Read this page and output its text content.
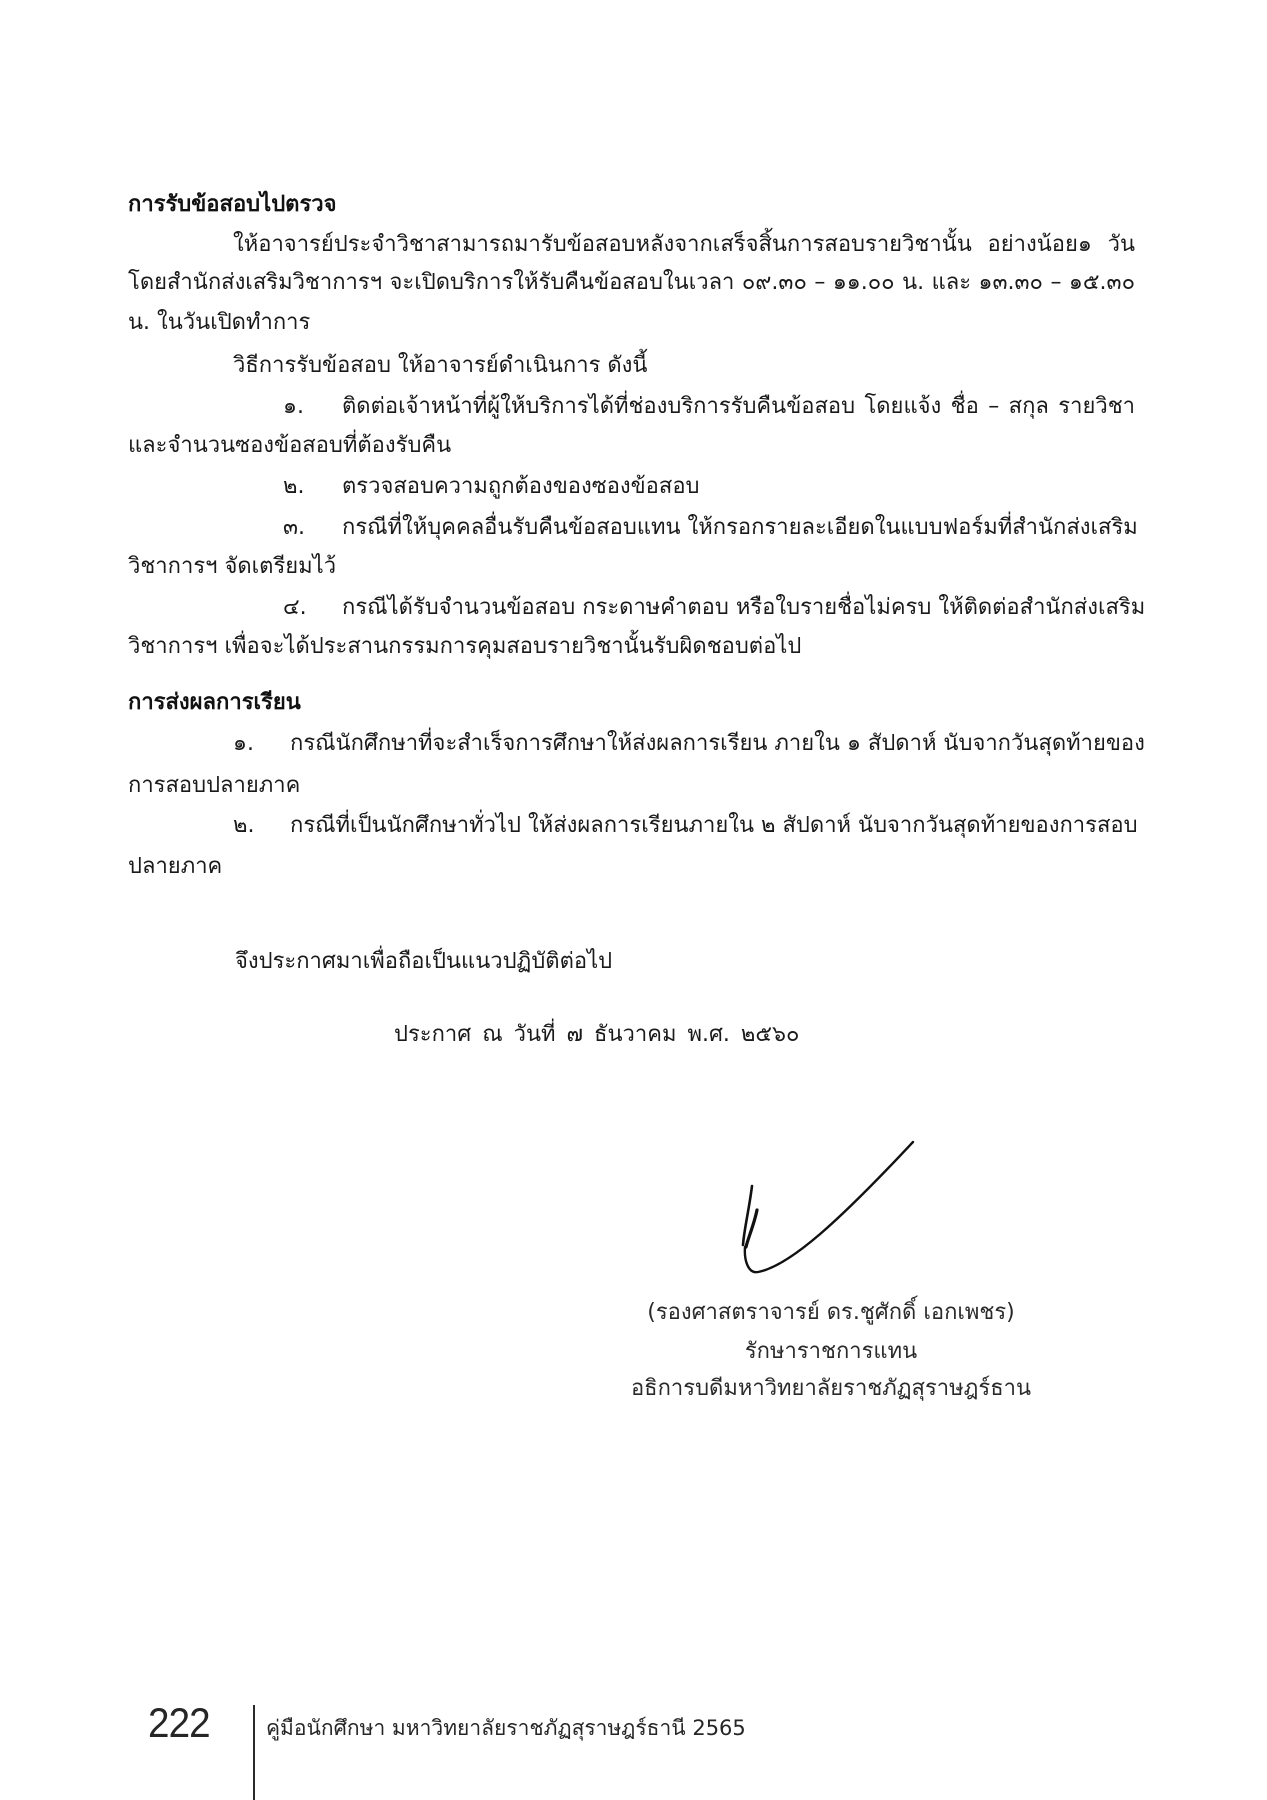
การรับข้อสอบไปตรวจ
ให้อาจารย์ประจำวิชาสามารถมารับข้อสอบหลังจากเสร็จสิ้นการสอบรายวิชานั้น อย่างน้อย๑ วัน
โดยสำนักส่งเสริมวิชาการฯ จะเปิดบริการให้รับคืนข้อสอบในเวลา ๐๙.๓๐ – ๑๑.๐๐ น. และ ๑๓.๓๐ – ๑๕.๓๐
น. ในวันเปิดทำการ
วิธีการรับข้อสอบ ให้อาจารย์ดำเนินการ ดังนี้
๑. ติดต่อเจ้าหน้าที่ผู้ให้บริการได้ที่ช่องบริการรับคืนข้อสอบ โดยแจ้ง ชื่อ – สกุล รายวิชา
และจำนวนซองข้อสอบที่ต้องรับคืน
๒. ตรวจสอบความถูกต้องของซองข้อสอบ
๓. กรณีที่ให้บุคคลอื่นรับคืนข้อสอบแทน ให้กรอกรายละเอียดในแบบฟอร์มที่สำนักส่งเสริม
วิชาการฯ จัดเตรียมไว้
๔. กรณีได้รับจำนวนข้อสอบ กระดาษคำตอบ หรือใบรายชื่อไม่ครบ ให้ติดต่อสำนักส่งเสริม
วิชาการฯ เพื่อจะได้ประสานกรรมการคุมสอบรายวิชานั้นรับผิดชอบต่อไป
การส่งผลการเรียน
๑. กรณีนักศึกษาที่จะสำเร็จการศึกษาให้ส่งผลการเรียน ภายใน ๑ สัปดาห์ นับจากวันสุดท้ายของ
การสอบปลายภาค
๒. กรณีที่เป็นนักศึกษาทั่วไป ให้ส่งผลการเรียนภายใน ๒ สัปดาห์ นับจากวันสุดท้ายของการสอบ
ปลายภาค
จึงประกาศมาเพื่อถือเป็นแนวปฏิบัติต่อไป
ประกาศ ณ วันที่ ๗ ธันวาคม พ.ศ. ๒๕๖๐
(รองศาสตราจารย์ ดร.ชูศักดิ์ เอกเพชร)
รักษาราชการแทน
อธิการบดีมหาวิทยาลัยราชภัฏสุราษฎร์ธาน
222	คู่มือนักศึกษา มหาวิทยาลัยราชภัฏสุราษฎร์ธานี 2565
